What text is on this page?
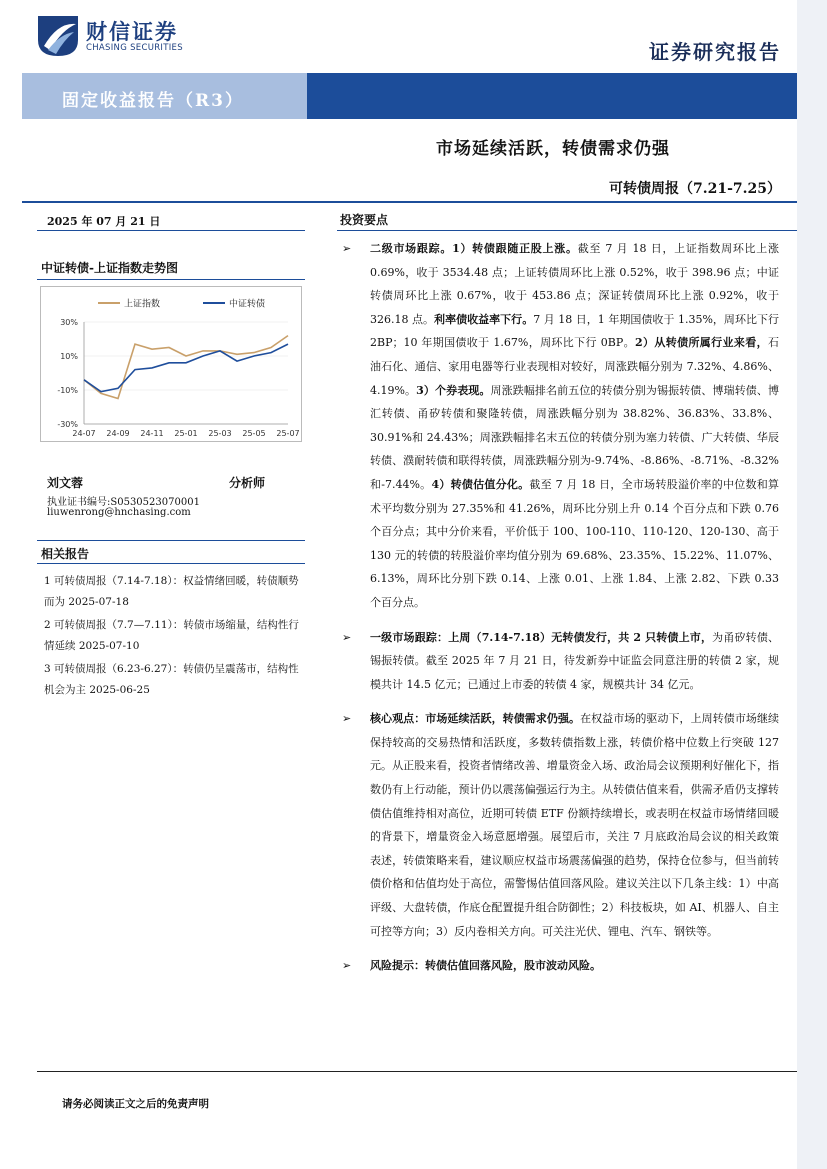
财信证券
CHASING SECURITIES	证券研究报告
固定收益报告（R3）
市场延续活跃，转债需求仍强
可转债周报（7.21-7.25）
2025 年 07 月 21 日
中证转债-上证指数走势图
30%
10%
-10%
-30%
24-07 24-09 24-11 25-01 25-03 25-05 25-07
上证指数	中证转债
刘文蓉	分析师
执业证书编号:S0530523070001
liuwenrong@hnchasing.com
相关报告
1 可转债周报（7.14-7.18）：权益情绪回暖，转债顺势而为 2025-07-18
2 可转债周报（7.7—7.11）：转债市场缩量，结构性行情延续 2025-07-10
3 可转债周报（6.23-6.27）：转债仍呈震荡市，结构性机会为主 2025-06-25
投资要点
➢ 二级市场跟踪。1）转债跟随正股上涨。截至 7 月 18 日，上证指数周环比上涨 0.69%，收于 3534.48 点；上证转债周环比上涨 0.52%，收于 398.96 点；中证转债周环比上涨 0.67%，收于 453.86 点；深证转债周环比上涨 0.92%，收于 326.18 点。利率债收益率下行。7 月 18 日，1 年期国债收于 1.35%，周环比下行 2BP；10 年期国债收于 1.67%，周环比下行 0BP。2）从转债所属行业来看，石油石化、通信、家用电器等行业表现相对较好，周涨跌幅分别为 7.32%、4.86%、4.19%。3）个券表现。周涨跌幅排名前五位的转债分别为锡振转债、博瑞转债、博汇转债、甬矽转债和聚隆转债，周涨跌幅分别为 38.82%、36.83%、33.8%、30.91%和 24.43%；周涨跌幅排名末五位的转债分别为塞力转债、广大转债、华辰转债、濮耐转债和联得转债，周涨跌幅分别为-9.74%、-8.86%、-8.71%、-8.32%和-7.44%。4）转债估值分化。截至 7 月 18 日，全市场转股溢价率的中位数和算术平均数分别为 27.35%和 41.26%，周环比分别上升 0.14 个百分点和下跌 0.76 个百分点；其中分价来看，平价低于 100、100-110、110-120、120-130、高于 130 元的转债的转股溢价率均值分别为 69.68%、23.35%、15.22%、11.07%、6.13%，周环比分别下跌 0.14、上涨 0.01、上涨 1.84、上涨 2.82、下跌 0.33 个百分点。
➢ 一级市场跟踪：上周（7.14-7.18）无转债发行，共 2 只转债上市，为甬矽转债、锡振转债。截至 2025 年 7 月 21 日，待发新券中证监会同意注册的转债 2 家，规模共计 14.5 亿元；已通过上市委的转债 4 家，规模共计 34 亿元。
➢ 核心观点：市场延续活跃，转债需求仍强。在权益市场的驱动下，上周转债市场继续保持较高的交易热情和活跃度，多数转债指数上涨，转债价格中位数上行突破 127 元。从正股来看，投资者情绪改善、增量资金入场、政治局会议预期利好催化下，指数仍有上行动能，预计仍以震荡偏强运行为主。从转债估值来看，供需矛盾仍支撑转债估值维持相对高位，近期可转债 ETF 份额持续增长，或表明在权益市场情绪回暖的背景下，增量资金入场意愿增强。展望后市，关注 7 月底政治局会议的相关政策表述，转债策略来看，建议顺应权益市场震荡偏强的趋势，保持仓位参与，但当前转债价格和估值均处于高位，需警惕估值回落风险。建议关注以下几条主线：1）中高评级、大盘转债，作底仓配置提升组合防御性；2）科技板块，如 AI、机器人、自主可控等方向；3）反内卷相关方向。可关注光伏、锂电、汽车、钢铁等。
➢ 风险提示：转债估值回落风险，股市波动风险。
请务必阅读正文之后的免责声明
